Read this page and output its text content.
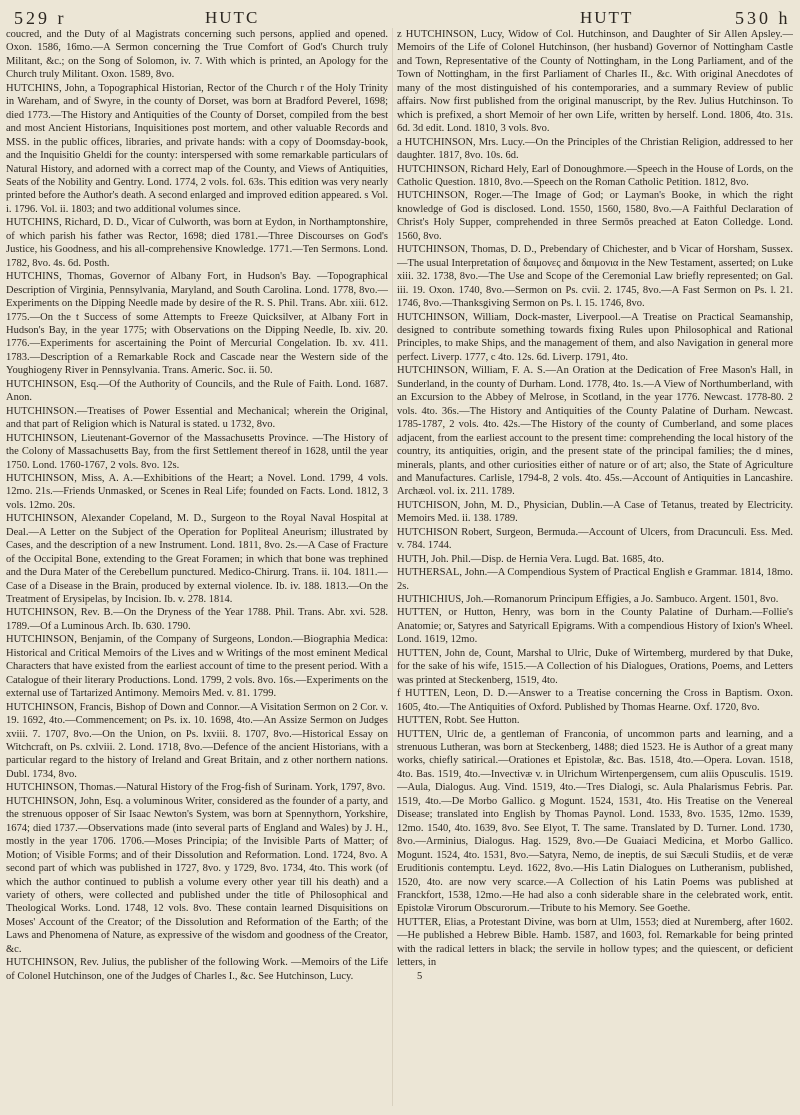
529 r	HUTC	HUTT	530 h

coucred, and the Duty of al Magistrats concerning such persons, applied and opened. Oxon. 1586, 16mo.—A Sermon concerning the True Comfort of God's Church truly Militant, &c.; on the Song of Solomon, iv. 7. With which is printed, an Apology for the Church truly Militant. Oxon. 1589, 8vo.

HUTCHINS, John, a Topographical Historian, Rector of the Church r of the Holy Trinity in Wareham, and of Swyre, in the county of Dorset, was born at Bradford Peverel, 1698; died 1773.—The History and Antiquities of the County of Dorset, compiled from the best and most Ancient Historians, Inquisitiones post mortem, and other valuable Records and MSS. in the public offices, libraries, and private hands: with a copy of Doomsday-book, and the Inquisitio Gheldi for the county: interspersed with some remarkable particulars of Natural History, and adorned with a correct map of the County, and Views of Antiquities, Seats of the Nobility and Gentry. Lond. 1774, 2 vols. fol. 63s. This edition was very nearly printed before the Author's death. A second enlarged and improved edition appeared. s Vol. i. 1796. Vol. ii. 1803; and two additional volumes since.

HUTCHINS, Richard, D. D., Vicar of Culworth, was born at Eydon, in Northamptonshire, of which parish his father was Rector, 1698; died 1781.—Three Discourses on God's Justice, his Goodness, and his all-comprehensive Knowledge. 1771.—Ten Sermons. Lond. 1782, 8vo. 4s. 6d. Posth.

HUTCHINS, Thomas, Governor of Albany Fort, in Hudson's Bay. —Topographical Description of Virginia, Pennsylvania, Maryland, and South Carolina. Lond. 1778, 8vo.—Experiments on the Dipping Needle made by desire of the R. S. Phil. Trans. Abr. xiii. 612. 1775.—On the t Success of some Attempts to Freeze Quicksilver, at Albany Fort in Hudson's Bay, in the year 1775; with Observations on the Dipping Needle, Ib. xiv. 20. 1776.—Experiments for ascertaining the Point of Mercurial Congelation. Ib. xv. 411. 1783.—Description of a Remarkable Rock and Cascade near the Western side of the Youghiogeny River in Pennsylvania. Trans. Americ. Soc. ii. 50.

HUTCHINSON, Esq.—Of the Authority of Councils, and the Rule of Faith. Lond. 1687. Anon.

HUTCHINSON.—Treatises of Power Essential and Mechanical; wherein the Original, and that part of Religion which is Natural is stated. u 1732, 8vo.

HUTCHINSON, Lieutenant-Governor of the Massachusetts Province. —The History of the Colony of Massachusetts Bay, from the first Settlement thereof in 1628, until the year 1750. Lond. 1760-1767, 2 vols. 8vo. 12s.

HUTCHINSON, Miss, A. A.—Exhibitions of the Heart; a Novel. Lond. 1799, 4 vols. 12mo. 21s.—Friends Unmasked, or Scenes in Real Life; founded on Facts. Lond. 1812, 3 vols. 12mo. 20s.

HUTCHINSON, Alexander Copeland, M. D., Surgeon to the Royal Naval Hospital at Deal.—A Letter on the Subject of the Operation for Popliteal Aneurism; illustrated by Cases, and the description of a new Instrument. Lond. 1811, 8vo. 2s.—A Case of Fracture of the Occipital Bone, extending to the Great Foramen; in which that bone was trephined and the Dura Mater of the Cerebellum punctured. Medico-Chirurg. Trans. ii. 104. 1811.—Case of a Disease in the Brain, produced by external violence. Ib. iv. 188. 1813.—On the Treatment of Erysipelas, by Incision. Ib. v. 278. 1814.

HUTCHINSON, Rev. B.—On the Dryness of the Year 1788. Phil. Trans. Abr. xvi. 528. 1789.—Of a Luminous Arch. Ib. 630. 1790.

HUTCHINSON, Benjamin, of the Company of Surgeons, London.—Biographia Medica: Historical and Critical Memoirs of the Lives and w Writings of the most eminent Medical Characters that have existed from the earliest account of time to the present period. With a Catalogue of their literary Productions. Lond. 1799, 2 vols. 8vo. 16s.—Experiments on the external use of Tartarized Antimony. Memoirs Med. v. 81. 1799.

HUTCHINSON, Francis, Bishop of Down and Connor.—A Visitation Sermon on 2 Cor. v. 19. 1692, 4to.—Commencement; on Ps. ix. 10. 1698, 4to.—An Assize Sermon on Judges xviii. 7. 1707, 8vo.—On the Union, on Ps. lxviii. 8. 1707, 8vo.—Historical Essay on Witchcraft, on Ps. cxlviii. 2. Lond. 1718, 8vo.—Defence of the ancient Historians, with a particular regard to the history of Ireland and Great Britain, and z other northern nations. Dubl. 1734, 8vo.

HUTCHINSON, Thomas.—Natural History of the Frog-fish of Surinam. York, 1797, 8vo.

HUTCHINSON, John, Esq. a voluminous Writer, considered as the founder of a party, and the strenuous opposer of Sir Isaac Newton's System, was born at Spennythorn, Yorkshire, 1674; died 1737.—Observations made (into several parts of England and Wales) by J. H., mostly in the year 1706. 1706.—Moses Principia; of the Invisible Parts of Matter; of Motion; of Visible Forms; and of their Dissolution and Reformation. Lond. 1724, 8vo. A second part of which was published in 1727, 8vo. y 1729, 8vo. 1734, 4to. This work (of which the author continued to publish a volume every other year till his death) and a variety of others, were collected and published under the title of Philosophical and Theological Works. Lond. 1748, 12 vols. 8vo. These contain learned Disquisitions on Moses' Account of the Creator; of the Dissolution and Reformation of the Earth; of the Laws and Phenomena of Nature, as expressive of the wisdom and goodness of the Creator, &c.

HUTCHINSON, Rev. Julius, the publisher of the following Work. —Memoirs of the Life of Colonel Hutchinson, one of the Judges of Charles I., &c. See Hutchinson, Lucy.

z HUTCHINSON, Lucy, Widow of Col. Hutchinson, and Daughter of Sir Allen Apsley.—Memoirs of the Life of Colonel Hutchinson, (her husband) Governor of Nottingham Castle and Town, Representative of the County of Nottingham, in the Long Parliament, and of the Town of Nottingham, in the first Parliament of Charles II., &c. With original Anecdotes of many of the most distinguished of his contemporaries, and a summary Review of public affairs. Now first published from the original manuscript, by the Rev. Julius Hutchinson. To which is prefixed, a short Memoir of her own Life, written by herself. Lond. 1806, 4to. 31s. 6d. 3d edit. Lond. 1810, 3 vols. 8vo.

a HUTCHINSON, Mrs. Lucy.—On the Principles of the Christian Religion, addressed to her daughter. 1817, 8vo. 10s. 6d.

HUTCHINSON, Richard Hely, Earl of Donoughmore.—Speech in the House of Lords, on the Catholic Question. 1810, 8vo.—Speech on the Roman Catholic Petition. 1812, 8vo.

HUTCHINSON, Roger.—The Image of God; or Layman's Booke, in which the right knowledge of God is disclosed. Lond. 1550, 1560, 1580, 8vo.—A Faithful Declaration of Christ's Holy Supper, comprehended in three Sermōs preached at Eaton Colledge. Lond. 1560, 8vo.

HUTCHINSON, Thomas, D. D., Prebendary of Chichester, and b Vicar of Horsham, Sussex.—The usual Interpretation of δαιμονες and δαιμονια in the New Testament, asserted; on Luke xiii. 32. 1738, 8vo.—The Use and Scope of the Ceremonial Law briefly represented; on Gal. iii. 19. Oxon. 1740, 8vo.—Sermon on Ps. cvii. 2. 1745, 8vo.—A Fast Sermon on Ps. l. 21. 1746, 8vo.—Thanksgiving Sermon on Ps. l. 15. 1746, 8vo.

HUTCHINSON, William, Dock-master, Liverpool.—A Treatise on Practical Seamanship, designed to contribute something towards fixing Rules upon Philosophical and Rational Principles, to make Ships, and the management of them, and also Navigation in general more perfect. Liverp. 1777, c 4to. 12s. 6d. Liverp. 1791, 4to.

HUTCHINSON, William, F. A. S.—An Oration at the Dedication of Free Mason's Hall, in Sunderland, in the county of Durham. Lond. 1778, 4to. 1s.—A View of Northumberland, with an Excursion to the Abbey of Melrose, in Scotland, in the year 1776. Newcast. 1778-80. 2 vols. 4to. 36s.—The History and Antiquities of the County Palatine of Durham. Newcast. 1785-1787, 2 vols. 4to. 42s.—The History of the county of Cumberland, and some places adjacent, from the earliest account to the present time: comprehending the local history of the country, its antiquities, origin, and the present state of the principal families; the d mines, minerals, plants, and other curiosities either of nature or of art; also, the State of Agriculture and Manufactures. Carlisle, 1794-8, 2 vols. 4to. 45s.—Account of Antiquities in Lancashire. Archæol. vol. ix. 211. 1789.

HUTCHISON, John, M. D., Physician, Dublin.—A Case of Tetanus, treated by Electricity. Memoirs Med. ii. 138. 1789.

HUTCHISON Robert, Surgeon, Bermuda.—Account of Ulcers, from Dracunculi. Ess. Med. v. 784. 1744.

HUTH, Joh. Phil.—Disp. de Hernia Vera. Lugd. Bat. 1685, 4to.

HUTHERSAL, John.—A Compendious System of Practical English e Grammar. 1814, 18mo. 2s.

HUTHICHIUS, Joh.—Romanorum Principum Effigies, a Jo. Sambuco. Argent. 1501, 8vo.

HUTTEN, or Hutton, Henry, was born in the County Palatine of Durham.—Follie's Anatomie; or, Satyres and Satyricall Epigrams. With a compendious History of Ixion's Wheel. Lond. 1619, 12mo.

HUTTEN, John de, Count, Marshal to Ulric, Duke of Wirtemberg, murdered by that Duke, for the sake of his wife, 1515.—A Collection of his Dialogues, Orations, Poems, and Letters was printed at Steckenberg, 1519, 4to.

f HUTTEN, Leon, D. D.—Answer to a Treatise concerning the Cross in Baptism. Oxon. 1605, 4to.—The Antiquities of Oxford. Published by Thomas Hearne. Oxf. 1720, 8vo.

HUTTEN, Robt. See Hutton.

HUTTEN, Ulric de, a gentleman of Franconia, of uncommon parts and learning, and a strenuous Lutheran, was born at Steckenberg, 1488; died 1523. He is Author of a great many works, chiefly satirical.—Orationes et Epistolæ, &c. Bas. 1518, 4to.—Opera. Lovan. 1518, 4to. Bas. 1519, 4to.—Invectivæ v. in Ulrichum Wirtenpergensem, cum aliis Opusculis. 1519.—Aula, Dialogus. Aug. Vind. 1519, 4to.—Tres Dialogi, sc. Aula Phalarismus Febris. Par. 1519, 4to.—De Morbo Gallico. g Mogunt. 1524, 1531, 4to. His Treatise on the Venereal Disease; translated into English by Thomas Paynol. Lond. 1533, 8vo. 1535, 12mo. 1539, 12mo. 1540, 4to. 1639, 8vo. See Elyot, T. The same. Translated by D. Turner. Lond. 1730, 8vo.—Arminius, Dialogus. Hag. 1529, 8vo.—De Guaiaci Medicina, et Morbo Gallico. Mogunt. 1524, 4to. 1531, 8vo.—Satyra, Nemo, de ineptis, de sui Sæculi Studiis, et de veræ Eruditionis contemptu. Leyd. 1622, 8vo.—His Latin Dialogues on Lutheranism, published, 1520, 4to. are now very scarce.—A Collection of his Latin Poems was published at Franckfort, 1538, 12mo.—He had also a conh siderable share in the celebrated work, entit. Epistolæ Virorum Obscurorum.—Tribute to his Memory. See Goethe.

HUTTER, Elias, a Protestant Divine, was born at Ulm, 1553; died at Nuremberg, after 1602.—He published a Hebrew Bible. Hamb. 1587, and 1603, fol. Remarkable for being printed with the radical letters in black; the servile in hollow types; and the quiescent, or deficient letters, in

5
